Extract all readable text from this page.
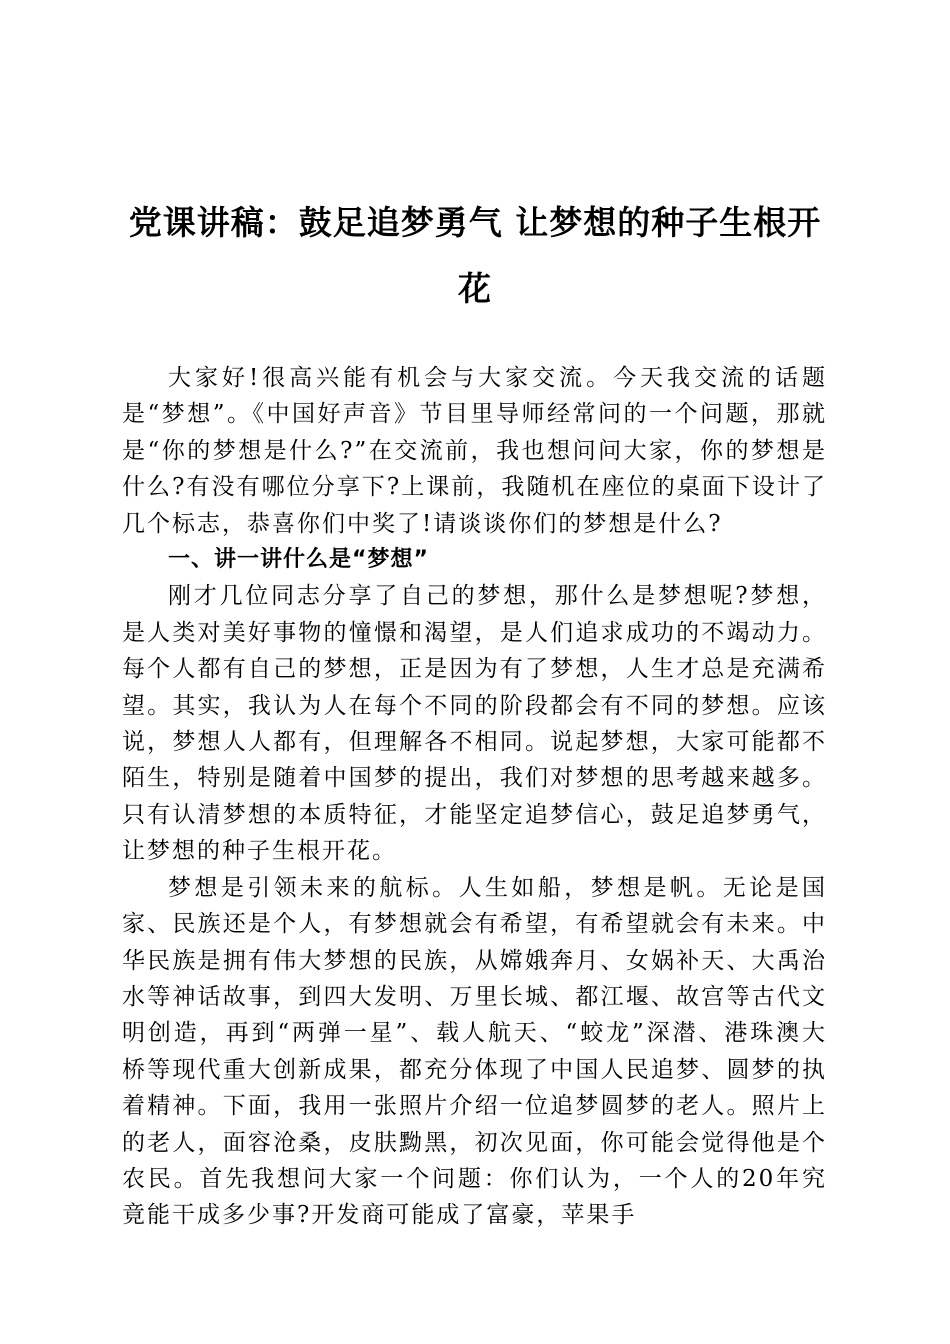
党课讲稿：鼓足追梦勇气 让梦想的种子生根开花

大家好!很高兴能有机会与大家交流。今天我交流的话题是“梦想”。《中国好声音》节目里导师经常问的一个问题，那就是“你的梦想是什么?”在交流前，我也想问问大家，你的梦想是什么?有没有哪位分享下?上课前，我随机在座位的桌面下设计了几个标志，恭喜你们中奖了!请谈谈你们的梦想是什么?

一、讲一讲什么是“梦想”

刚才几位同志分享了自己的梦想，那什么是梦想呢?梦想，是人类对美好事物的憧憬和渴望，是人们追求成功的不竭动力。每个人都有自己的梦想，正是因为有了梦想，人生才总是充满希望。其实，我认为人在每个不同的阶段都会有不同的梦想。应该说，梦想人人都有，但理解各不相同。说起梦想，大家可能都不陌生，特别是随着中国梦的提出，我们对梦想的思考越来越多。只有认清梦想的本质特征，才能坚定追梦信心，鼓足追梦勇气，让梦想的种子生根开花。

梦想是引领未来的航标。人生如船，梦想是帆。无论是国家、民族还是个人，有梦想就会有希望，有希望就会有未来。中华民族是拥有伟大梦想的民族，从嫦娥奔月、女娲补天、大禹治水等神话故事，到四大发明、万里长城、都江堰、故宫等古代文明创造，再到“两弹一星”、载人航天、“蛟龙”深潜、港珠澳大桥等现代重大创新成果，都充分体现了中国人民追梦、圆梦的执着精神。下面，我用一张照片介绍一位追梦圆梦的老人。照片上的老人，面容沧桑，皮肤黝黑，初次见面，你可能会觉得他是个农民。首先我想问大家一个问题：你们认为，一个人的20年究竟能干成多少事?开发商可能成了富豪，苹果手
